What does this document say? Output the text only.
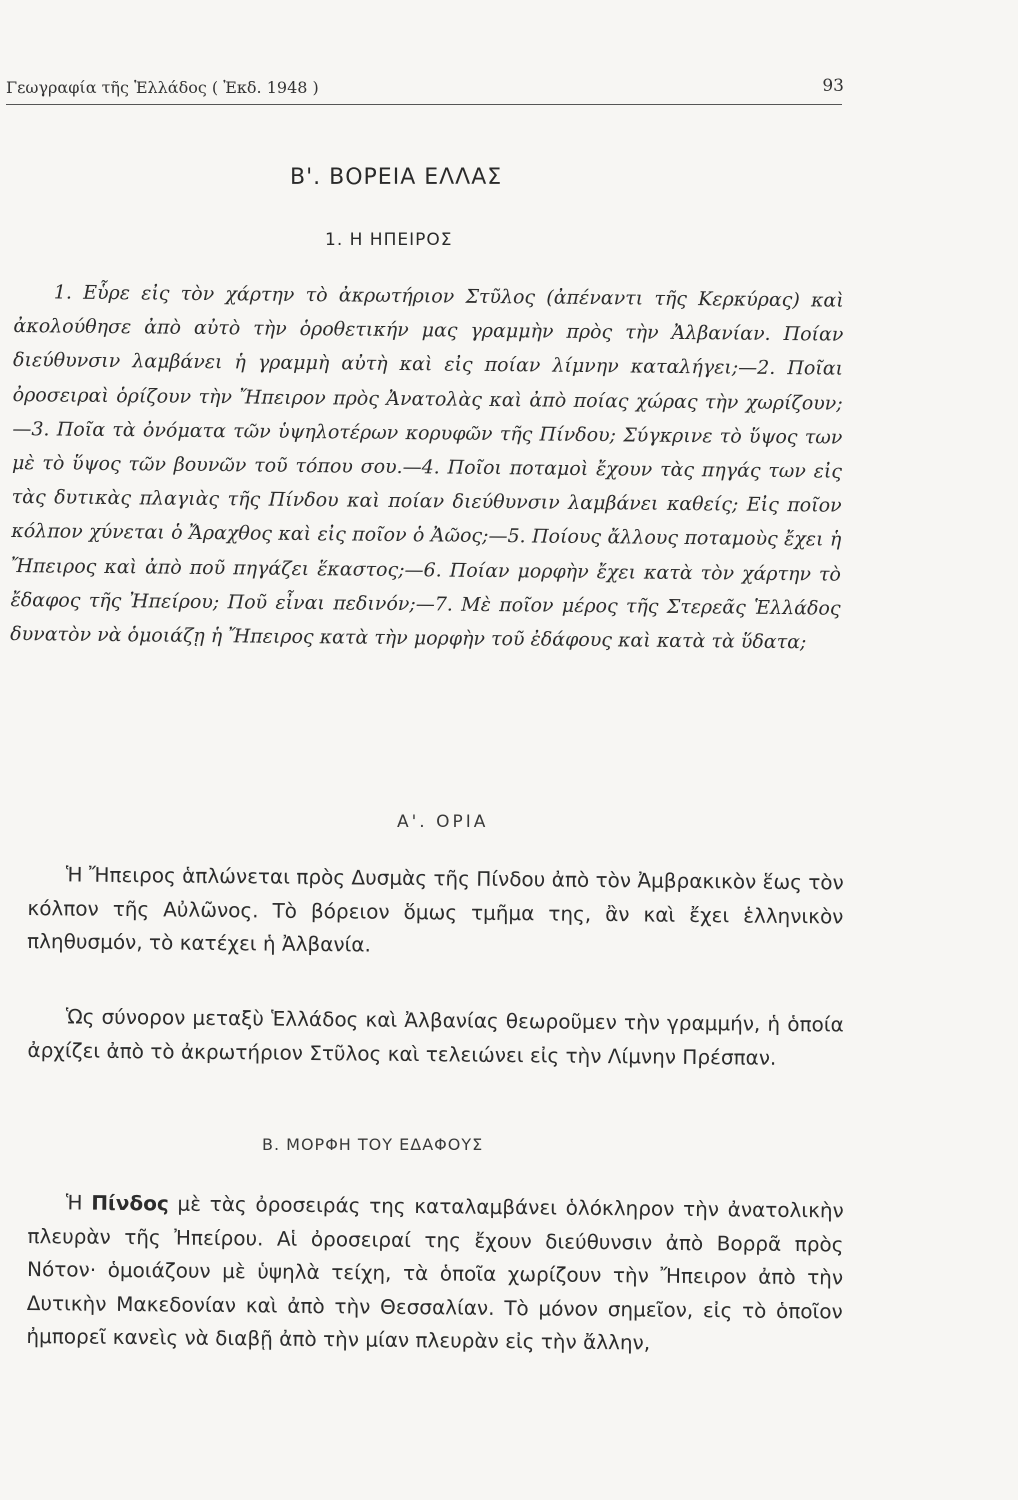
Γεωγραφία τῆς Ἑλλάδος ( Ἐκδ. 1948 )	93
Β'. ΒΟΡΕΙΑ ΕΛΛΑΣ
1. Η ΗΠΕΙΡΟΣ
1. Εὗρε εἰς τὸν χάρτην τὸ ἀκρωτήριον Στῦλος (ἀπέναντι τῆς Κερκύρας) καὶ ἀκολούθησε ἀπὸ αὐτὸ τὴν ὁροθετικήν μας γραμμὴν πρὸς τὴν Ἀλβανίαν. Ποίαν διεύθυνσιν λαμβάνει ἡ γραμμὴ αὐτὴ καὶ εἰς ποίαν λίμνην καταλήγει;—2. Ποῖαι ὀροσειραὶ ὁρίζουν τὴν Ἤπειρον πρὸς Ἀνατολὰς καὶ ἀπὸ ποίας χώρας τὴν χωρίζουν;—3. Ποῖα τὰ ὀνόματα τῶν ὑψηλοτέρων κορυφῶν τῆς Πίνδου; Σύγκρινε τὸ ὕψος των μὲ τὸ ὕψος τῶν βουνῶν τοῦ τόπου σου.—4. Ποῖοι ποταμοὶ ἔχουν τὰς πηγάς των εἰς τὰς δυτικὰς πλαγιὰς τῆς Πίνδου καὶ ποίαν διεύθυνσιν λαμβάνει καθείς; Εἰς ποῖον κόλπον χύνεται ὁ Ἄραχθος καὶ εἰς ποῖον ὁ Ἀῶος;—5. Ποίους ἄλλους ποταμοὺς ἔχει ἡ Ἤπειρος καὶ ἀπὸ ποῦ πηγάζει ἕκαστος;—6. Ποίαν μορφὴν ἔχει κατὰ τὸν χάρτην τὸ ἔδαφος τῆς Ἠπείρου; Ποῦ εἶναι πεδινόν;—7. Μὲ ποῖον μέρος τῆς Στερεᾶς Ἑλλάδος δυνατὸν νὰ ὁμοιάζῃ ἡ Ἤπειρος κατὰ τὴν μορφὴν τοῦ ἐδάφους καὶ κατὰ τὰ ὕδατα;
Α'. ΟΡΙΑ
Ἡ Ἤπειρος ἁπλώνεται πρὸς Δυσμὰς τῆς Πίνδου ἀπὸ τὸν Ἀμβρακικὸν ἕως τὸν κόλπον τῆς Αὐλῶνος. Τὸ βόρειον ὅμως τμῆμα της, ἂν καὶ ἔχει ἑλληνικὸν πληθυσμόν, τὸ κατέχει ἡ Ἀλβανία.
Ὡς σύνορον μεταξὺ Ἑλλάδος καὶ Ἀλβανίας θεωροῦμεν τὴν γραμμήν, ἡ ὁποία ἀρχίζει ἀπὸ τὸ ἀκρωτήριον Στῦλος καὶ τελειώνει εἰς τὴν Λίμνην Πρέσπαν.
Β. ΜΟΡΦΗ ΤΟΥ ΕΔΑΦΟΥΣ
Ἡ Πίνδος μὲ τὰς ὀροσειράς της καταλαμβάνει ὁλόκληρον τὴν ἀνατολικὴν πλευρὰν τῆς Ἠπείρου. Αἱ ὀροσειραί της ἔχουν διεύθυνσιν ἀπὸ Βορρᾶ πρὸς Νότον· ὁμοιάζουν μὲ ὑψηλὰ τείχη, τὰ ὁποῖα χωρίζουν τὴν Ἤπειρον ἀπὸ τὴν Δυτικὴν Μακεδονίαν καὶ ἀπὸ τὴν Θεσσαλίαν. Τὸ μόνον σημεῖον, εἰς τὸ ὁποῖον ἠμπορεῖ κανεὶς νὰ διαβῇ ἀπὸ τὴν μίαν πλευρὰν εἰς τὴν ἄλλην,
